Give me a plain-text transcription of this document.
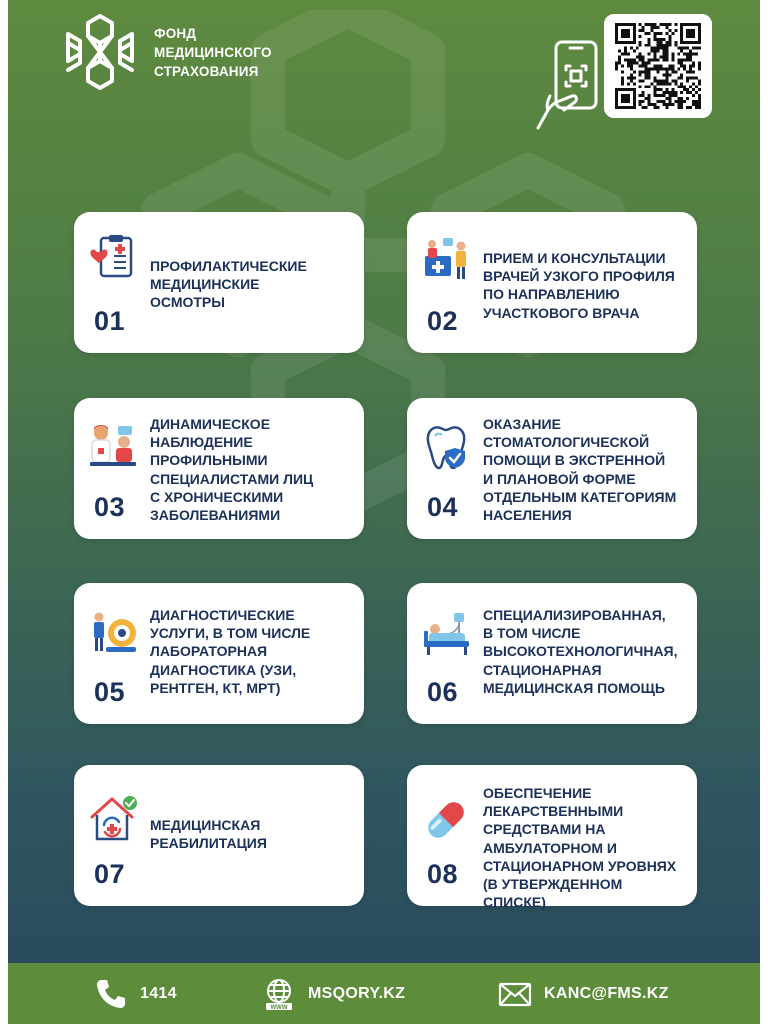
ФОНД
МЕДИЦИНСКОГО
СТРАХОВАНИЯ
ПРОФИЛАКТИЧЕСКИЕ
МЕДИЦИНСКИЕ
ОСМОТРЫ
01
ПРИЕМ И КОНСУЛЬТАЦИИ
ВРАЧЕЙ УЗКОГО ПРОФИЛЯ
ПО НАПРАВЛЕНИЮ
УЧАСТКОВОГО ВРАЧА
02
ДИНАМИЧЕСКОЕ
НАБЛЮДЕНИЕ
ПРОФИЛЬНЫМИ
СПЕЦИАЛИСТАМИ ЛИЦ
С ХРОНИЧЕСКИМИ
ЗАБОЛЕВАНИЯМИ
03
ОКАЗАНИЕ
СТОМАТОЛОГИЧЕСКОЙ
ПОМОЩИ В ЭКСТРЕННОЙ
И ПЛАНОВОЙ ФОРМЕ
ОТДЕЛЬНЫМ КАТЕГОРИЯМ
НАСЕЛЕНИЯ
04
ДИАГНОСТИЧЕСКИЕ
УСЛУГИ, В ТОМ ЧИСЛЕ
ЛАБОРАТОРНАЯ
ДИАГНОСТИКА (УЗИ,
РЕНТГЕН, КТ, МРТ)
05
СПЕЦИАЛИЗИРОВАННАЯ,
В ТОМ ЧИСЛЕ
ВЫСОКОТЕХНОЛОГИЧНАЯ,
СТАЦИОНАРНАЯ
МЕДИЦИНСКАЯ ПОМОЩЬ
06
МЕДИЦИНСКАЯ
РЕАБИЛИТАЦИЯ
07
ОБЕСПЕЧЕНИЕ
ЛЕКАРСТВЕННЫМИ
СРЕДСТВАМИ НА
АМБУЛАТОРНОМ И
СТАЦИОНАРНОМ УРОВНЯХ
(В УТВЕРЖДЕННОМ СПИСКЕ)
08
1414
WWW
MSQORY.KZ	KANC@FMS.KZ
